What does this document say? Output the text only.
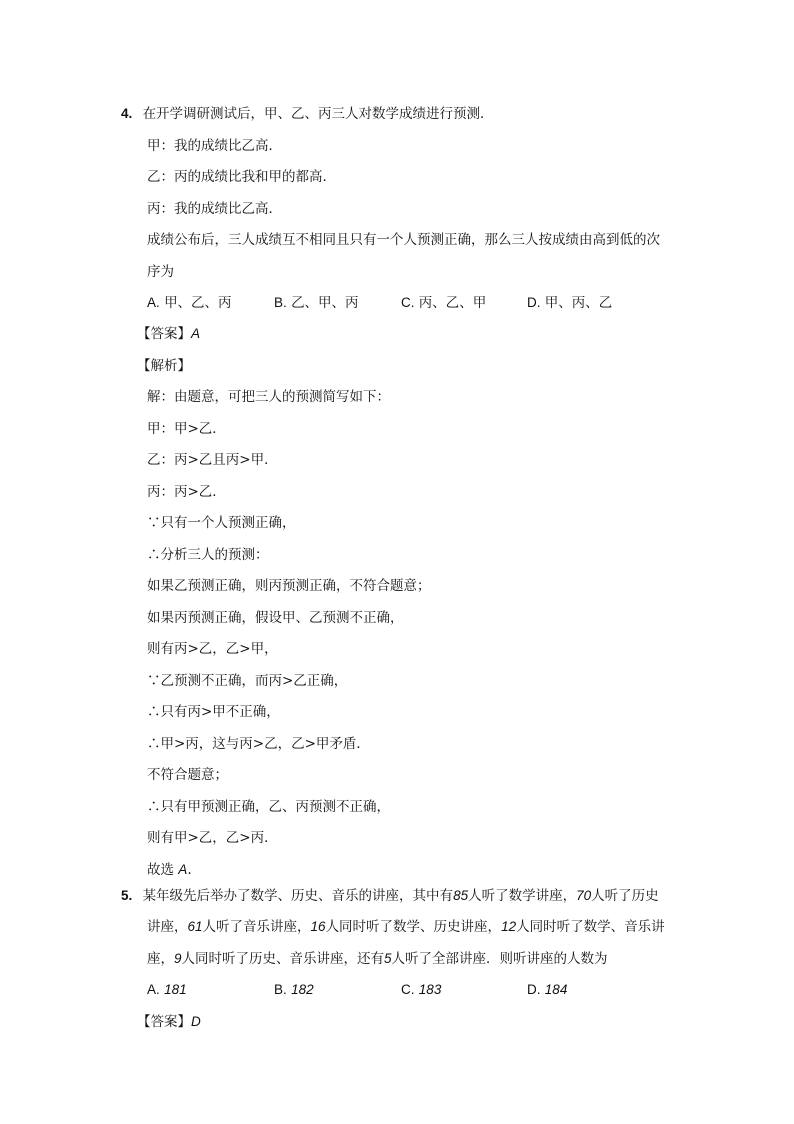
4. 在开学调研测试后，甲、乙、丙三人对数学成绩进行预测．
甲：我的成绩比乙高．
乙：丙的成绩比我和甲的都高．
丙：我的成绩比乙高．
成绩公布后，三人成绩互不相同且只有一个人预测正确，那么三人按成绩由高到低的次
序为
A. 甲、乙、丙	B. 乙、甲、丙	C. 丙、乙、甲	D. 甲、丙、乙
【答案】A
【解析】
解：由题意，可把三人的预测简写如下：
甲：甲>乙．
乙：丙>乙且丙>甲．
丙：丙>乙．
∵只有一个人预测正确，
∴分析三人的预测：
如果乙预测正确，则丙预测正确，不符合题意；
如果丙预测正确，假设甲、乙预测不正确，
则有丙>乙，乙>甲，
∵乙预测不正确，而丙>乙正确，
∴只有丙>甲不正确，
∴甲>丙，这与丙>乙，乙>甲矛盾．
不符合题意；
∴只有甲预测正确，乙、丙预测不正确，
则有甲>乙，乙>丙．
故选 A.
5. 某年级先后举办了数学、历史、音乐的讲座，其中有85人听了数学讲座，70人听了历史
讲座，61人听了音乐讲座，16人同时听了数学、历史讲座，12人同时听了数学、音乐讲
座，9人同时听了历史、音乐讲座，还有5人听了全部讲座．则听讲座的人数为
A. 181	B. 182	C. 183	D. 184
【答案】D
